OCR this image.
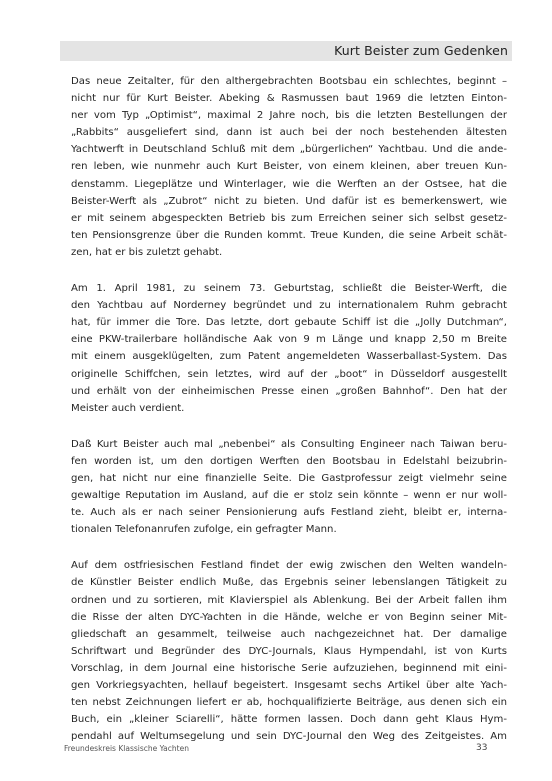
Kurt Beister zum Gedenken

Das neue Zeitalter, für den althergebrachten Bootsbau ein schlechtes, beginnt –
nicht nur für Kurt Beister. Abeking & Rasmussen baut 1969 die letzten Einton-
ner vom Typ „Optimist“, maximal 2 Jahre noch, bis die letzten Bestellungen der
„Rabbits“ ausgeliefert sind, dann ist auch bei der noch bestehenden ältesten
Yachtwerft in Deutschland Schluß mit dem „bürgerlichen“ Yachtbau. Und die ande-
ren leben, wie nunmehr auch Kurt Beister, von einem kleinen, aber treuen Kun-
denstamm. Liegeplätze und Winterlager, wie die Werften an der Ostsee, hat die
Beister-Werft als „Zubrot“ nicht zu bieten. Und dafür ist es bemerkenswert, wie
er mit seinem abgespeckten Betrieb bis zum Erreichen seiner sich selbst gesetz-
ten Pensionsgrenze über die Runden kommt. Treue Kunden, die seine Arbeit schät-
zen, hat er bis zuletzt gehabt.

Am 1. April 1981, zu seinem 73. Geburtstag, schließt die Beister-Werft, die
den Yachtbau auf Norderney begründet und zu internationalem Ruhm gebracht
hat, für immer die Tore. Das letzte, dort gebaute Schiff ist die „Jolly Dutchman“,
eine PKW-trailerbare holländische Aak von 9 m Länge und knapp 2,50 m Breite
mit einem ausgeklügelten, zum Patent angemeldeten Wasserballast-System. Das
originelle Schiffchen, sein letztes, wird auf der „boot“ in Düsseldorf ausgestellt
und erhält von der einheimischen Presse einen „großen Bahnhof“. Den hat der
Meister auch verdient.

Daß Kurt Beister auch mal „nebenbei“ als Consulting Engineer nach Taiwan beru-
fen worden ist, um den dortigen Werften den Bootsbau in Edelstahl beizubrin-
gen, hat nicht nur eine finanzielle Seite. Die Gastprofessur zeigt vielmehr seine
gewaltige Reputation im Ausland, auf die er stolz sein könnte – wenn er nur woll-
te. Auch als er nach seiner Pensionierung aufs Festland zieht, bleibt er, interna-
tionalen Telefonanrufen zufolge, ein gefragter Mann.

Auf dem ostfriesischen Festland findet der ewig zwischen den Welten wandeln-
de Künstler Beister endlich Muße, das Ergebnis seiner lebenslangen Tätigkeit zu
ordnen und zu sortieren, mit Klavierspiel als Ablenkung. Bei der Arbeit fallen ihm
die Risse der alten DYC-Yachten in die Hände, welche er von Beginn seiner Mit-
gliedschaft an gesammelt, teilweise auch nachgezeichnet hat. Der damalige
Schriftwart und Begründer des DYC-Journals, Klaus Hympendahl, ist von Kurts
Vorschlag, in dem Journal eine historische Serie aufzuziehen, beginnend mit eini-
gen Vorkriegsyachten, hellauf begeistert. Insgesamt sechs Artikel über alte Yach-
ten nebst Zeichnungen liefert er ab, hochqualifizierte Beiträge, aus denen sich ein
Buch, ein „kleiner Sciarelli“, hätte formen lassen. Doch dann geht Klaus Hym-
pendahl auf Weltumsegelung und sein DYC-Journal den Weg des Zeitgeistes. Am

Freundeskreis Klassische Yachten	33
